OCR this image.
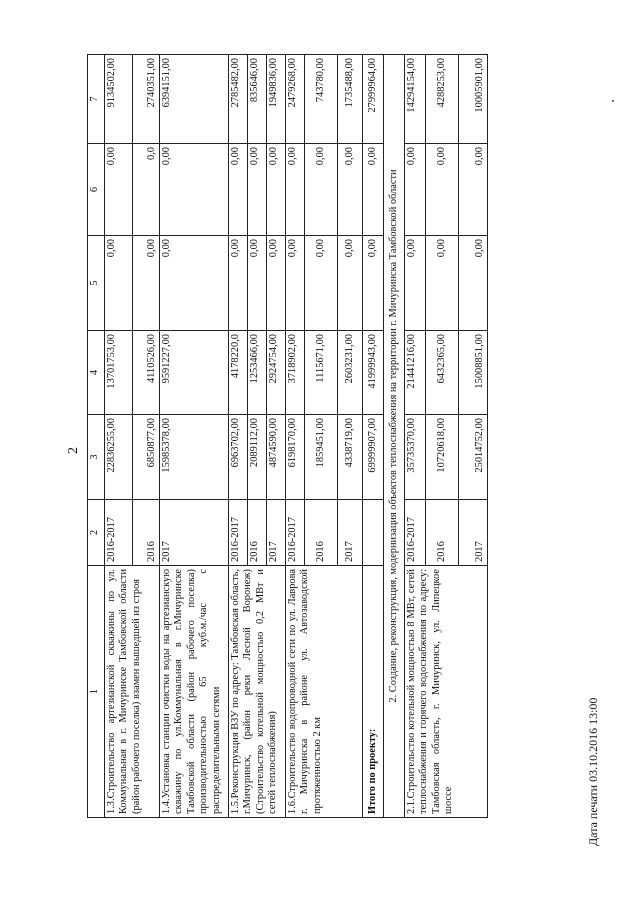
2
1	2	3	4	5	6	7
1.3.Строительство артезианской скважины по ул. Коммунальная в г. Мичуринске Тамбовской области (район рабочего поселка) взамен вышедшей из строя	2016-2017	22836255,00	13701753,00	0,00	0,00	9134502,00
	2016	6850877,00	4110526,00	0,00	0,0	2740351,00
1.4.Установка станции очистки воды на артезианскую скважину по ул.Коммунальная в г.Мичуринске Тамбовской области (район рабочего поселка) производительностью 65 куб.м./час с распределительными сетями	2017	15985378,00	9591227,00	0,00	0,00	6394151,00
1.5.Реконструкция ВЗУ по адресу: Тамбовская область, г.Мичуринск, (район реки Лесной Воронеж) (Строительство котельной мощностью 0,2 МВт и сетей теплоснабжения)	2016-2017	6963702,00	4178220,0	0,00	0,00	2785482,00
	2016	2089112,00	1253466,00	0,00	0,00	835646,00
	2017	4874590,00	2924754,00	0,00	0,00	1949836,00
1.6.Строительство водопроводной сети по ул. Лаврова г. Мичуринска в районе ул. Автозаводской протяженностью 2 км	2016-2017	6198170,00	3718902,00	0,00	0,00	2479268,00
	2016	1859451,00	1115671,00	0,00	0,00	743780,00
	2017	4338719,00	2603231,00	0,00	0,00	1735488,00
Итого по проекту:		69999907,00	41999943,00	0,00	0,00	27999964,00
2. Создание, реконструкция, модернизация объектов теплоснабжения на территории г. Мичуринска Тамбовской области						
2.1.Строительство котельной мощностью 8 МВт, сетей теплоснабжения и горячего водоснабжения по адресу: Тамбовская область, г. Мичуринск, ул. Липецкое шоссе	2016-2017	35735370,00	21441216,00	0,00	0,00	14294154,00
	2016	10720618,00	6432365,00	0,00	0,00	4288253,00
	2017	25014752,00	15008851,00	0,00	0,00	10005901,00
Дата печати 03.10.2016 13:00
